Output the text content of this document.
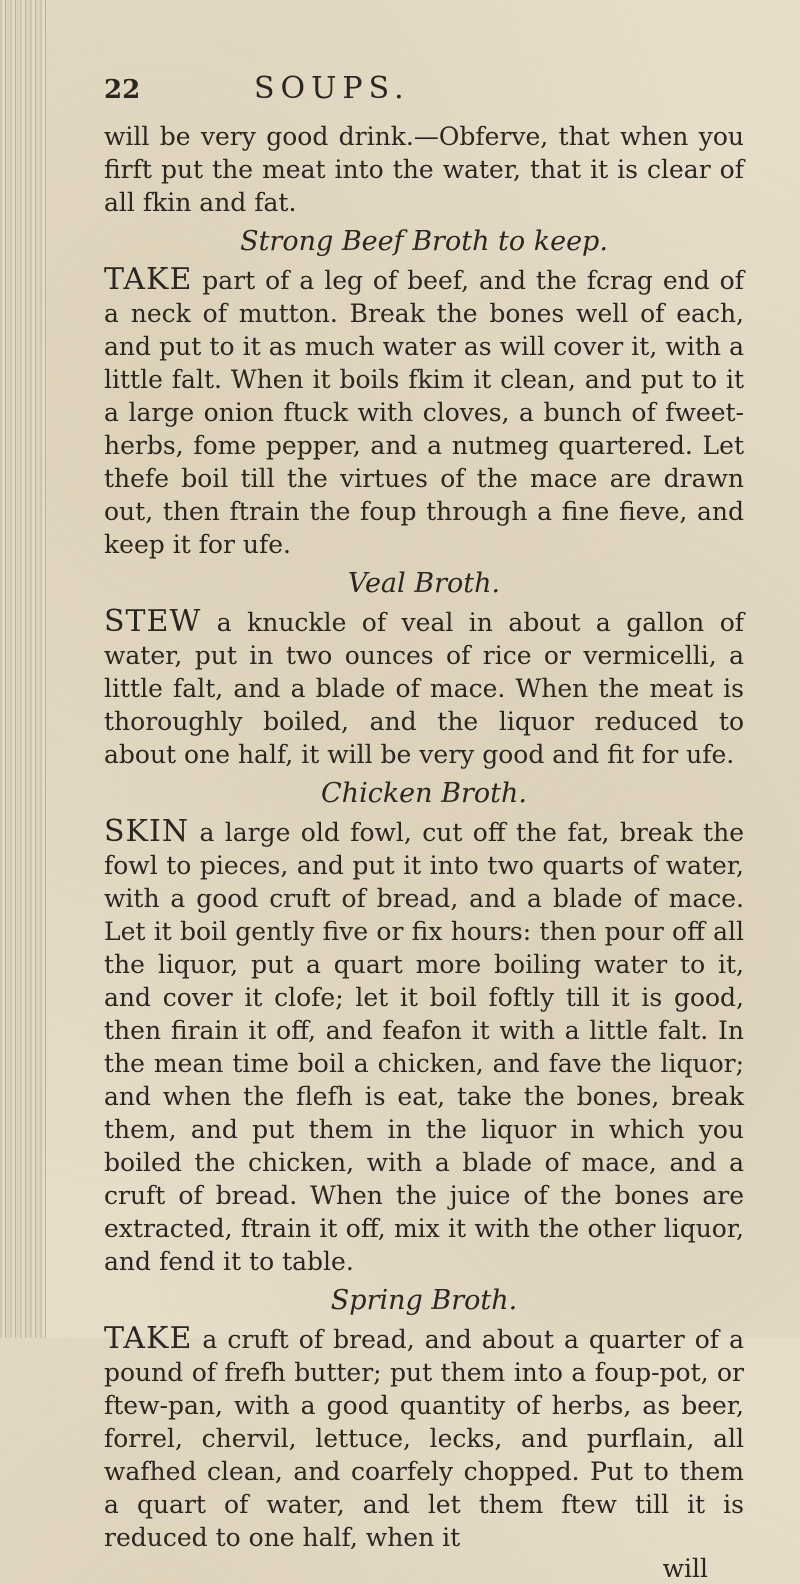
22	SOUPS.

will be very good drink.—Obferve, that when you firft put the meat into the water, that it is clear of all fkin and fat.

Strong Beef Broth to keep.

TAKE part of a leg of beef, and the fcrag end of a neck of mutton. Break the bones well of each, and put to it as much water as will cover it, with a little falt. When it boils fkim it clean, and put to it a large onion ftuck with cloves, a bunch of fweet-herbs, fome pepper, and a nutmeg quartered. Let thefe boil till the virtues of the mace are drawn out, then ftrain the foup through a fine fieve, and keep it for ufe.

Veal Broth.

STEW a knuckle of veal in about a gallon of water, put in two ounces of rice or vermicelli, a little falt, and a blade of mace. When the meat is thoroughly boiled, and the liquor reduced to about one half, it will be very good and fit for ufe.

Chicken Broth.

SKIN a large old fowl, cut off the fat, break the fowl to pieces, and put it into two quarts of water, with a good cruft of bread, and a blade of mace. Let it boil gently five or fix hours: then pour off all the liquor, put a quart more boiling water to it, and cover it clofe; let it boil foftly till it is good, then firain it off, and feafon it with a little falt. In the mean time boil a chicken, and fave the liquor; and when the flefh is eat, take the bones, break them, and put them in the liquor in which you boiled the chicken, with a blade of mace, and a cruft of bread. When the juice of the bones are extracted, ftrain it off, mix it with the other liquor, and fend it to table.

Spring Broth.

TAKE a cruft of bread, and about a quarter of a pound of frefh butter; put them into a foup-pot, or ftew-pan, with a good quantity of herbs, as beer, forrel, chervil, lettuce, lecks, and purflain, all wafhed clean, and coarfely chopped. Put to them a quart of water, and let them ftew till it is reduced to one half, when it

will
